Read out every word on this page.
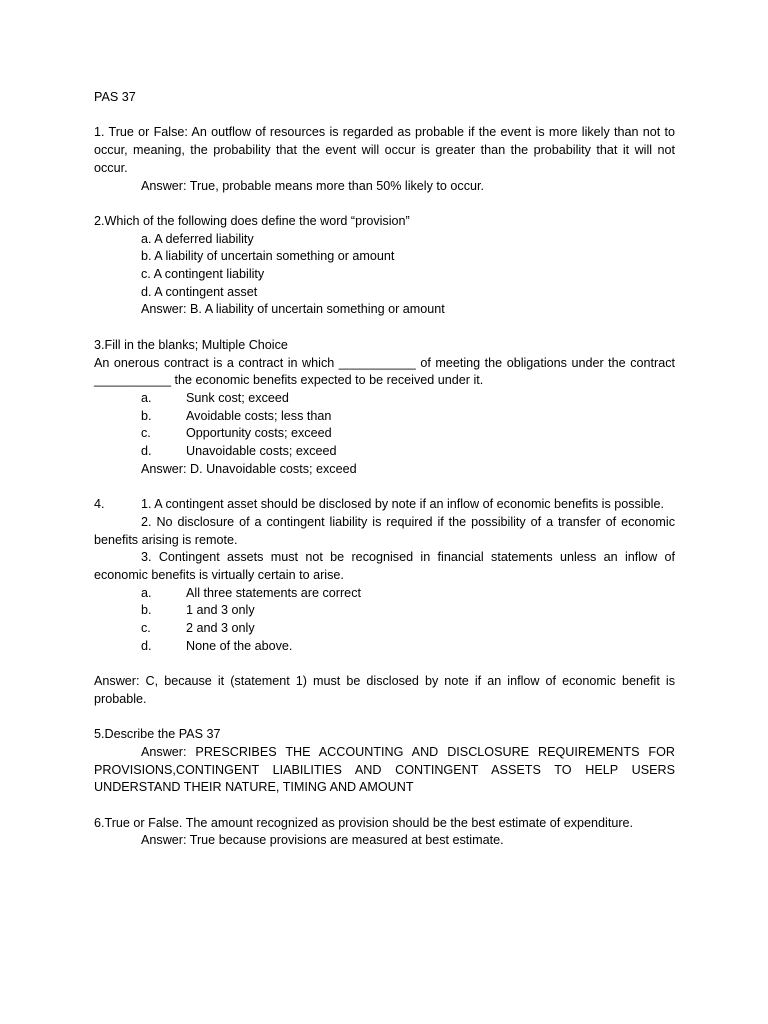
PAS 37
1. True or False: An outflow of resources is regarded as probable if the event is more likely than not to occur, meaning, the probability that the event will occur is greater than the probability that it will not occur.
Answer: True, probable means more than 50% likely to occur.
2.Which of the following does define the word “provision”
a. A deferred liability
b. A liability of uncertain something or amount
c. A contingent liability
d. A contingent asset
Answer: B. A liability of uncertain something or amount
3.Fill in the blanks; Multiple Choice
An onerous contract is a contract in which ___________ of meeting the obligations under the contract ___________ the economic benefits expected to be received under it.
a.	Sunk cost; exceed
b.	Avoidable costs; less than
c.	Opportunity costs; exceed
d.	Unavoidable costs; exceed
Answer: D. Unavoidable costs; exceed
4.	1. A contingent asset should be disclosed by note if an inflow of economic benefits is possible.
2. No disclosure of a contingent liability is required if the possibility of a transfer of economic benefits arising is remote.
3. Contingent assets must not be recognised in financial statements unless an inflow of economic benefits is virtually certain to arise.
a.	All three statements are correct
b.	1 and 3 only
c.	2 and 3 only
d.	None of the above.
Answer: C, because it (statement 1) must be disclosed by note if an inflow of economic benefit is probable.
5.Describe the PAS 37
Answer: PRESCRIBES THE ACCOUNTING AND DISCLOSURE REQUIREMENTS FOR PROVISIONS,CONTINGENT LIABILITIES AND CONTINGENT ASSETS TO HELP USERS UNDERSTAND THEIR NATURE, TIMING AND AMOUNT
6.True or False. The amount recognized as provision should be the best estimate of expenditure.
Answer: True because provisions are measured at best estimate.
